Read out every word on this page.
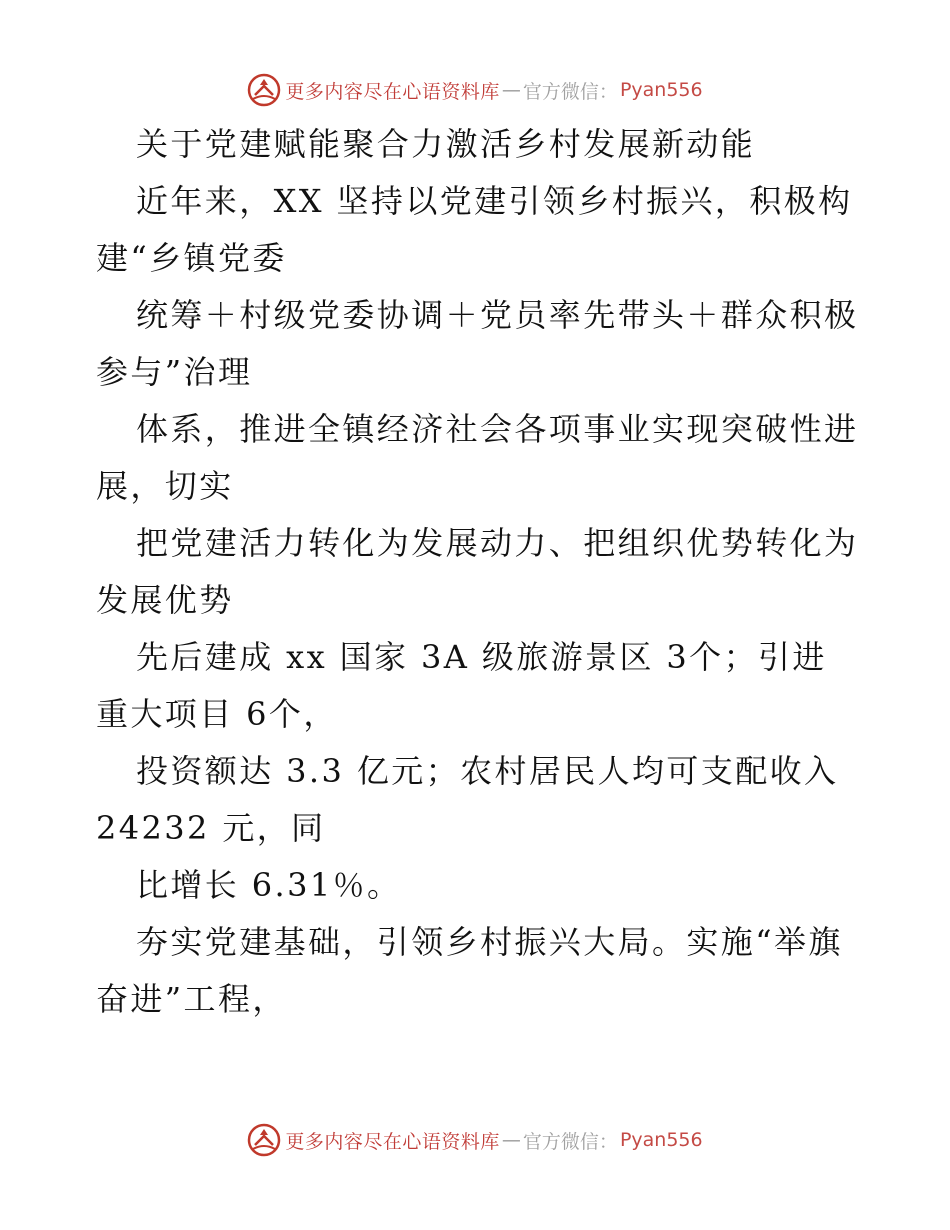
更多内容尽在心语资料库 — 官方微信： Pyan556
关于党建赋能聚合力激活乡村发展新动能
近年来，XX 坚持以党建引领乡村振兴，积极构
建“乡镇党委
统筹＋村级党委协调＋党员率先带头＋群众积极
参与”治理
体系，推进全镇经济社会各项事业实现突破性进
展，切实
把党建活力转化为发展动力、把组织优势转化为
发展优势
先后建成 xx 国家 3A 级旅游景区 3个；引进
重大项目 6个，
投资额达 3.3 亿元；农村居民人均可支配收入
24232 元，同
比增长 6.31％。
夯实党建基础，引领乡村振兴大局。实施“举旗
奋进”工程，
更多内容尽在心语资料库 — 官方微信： Pyan556
